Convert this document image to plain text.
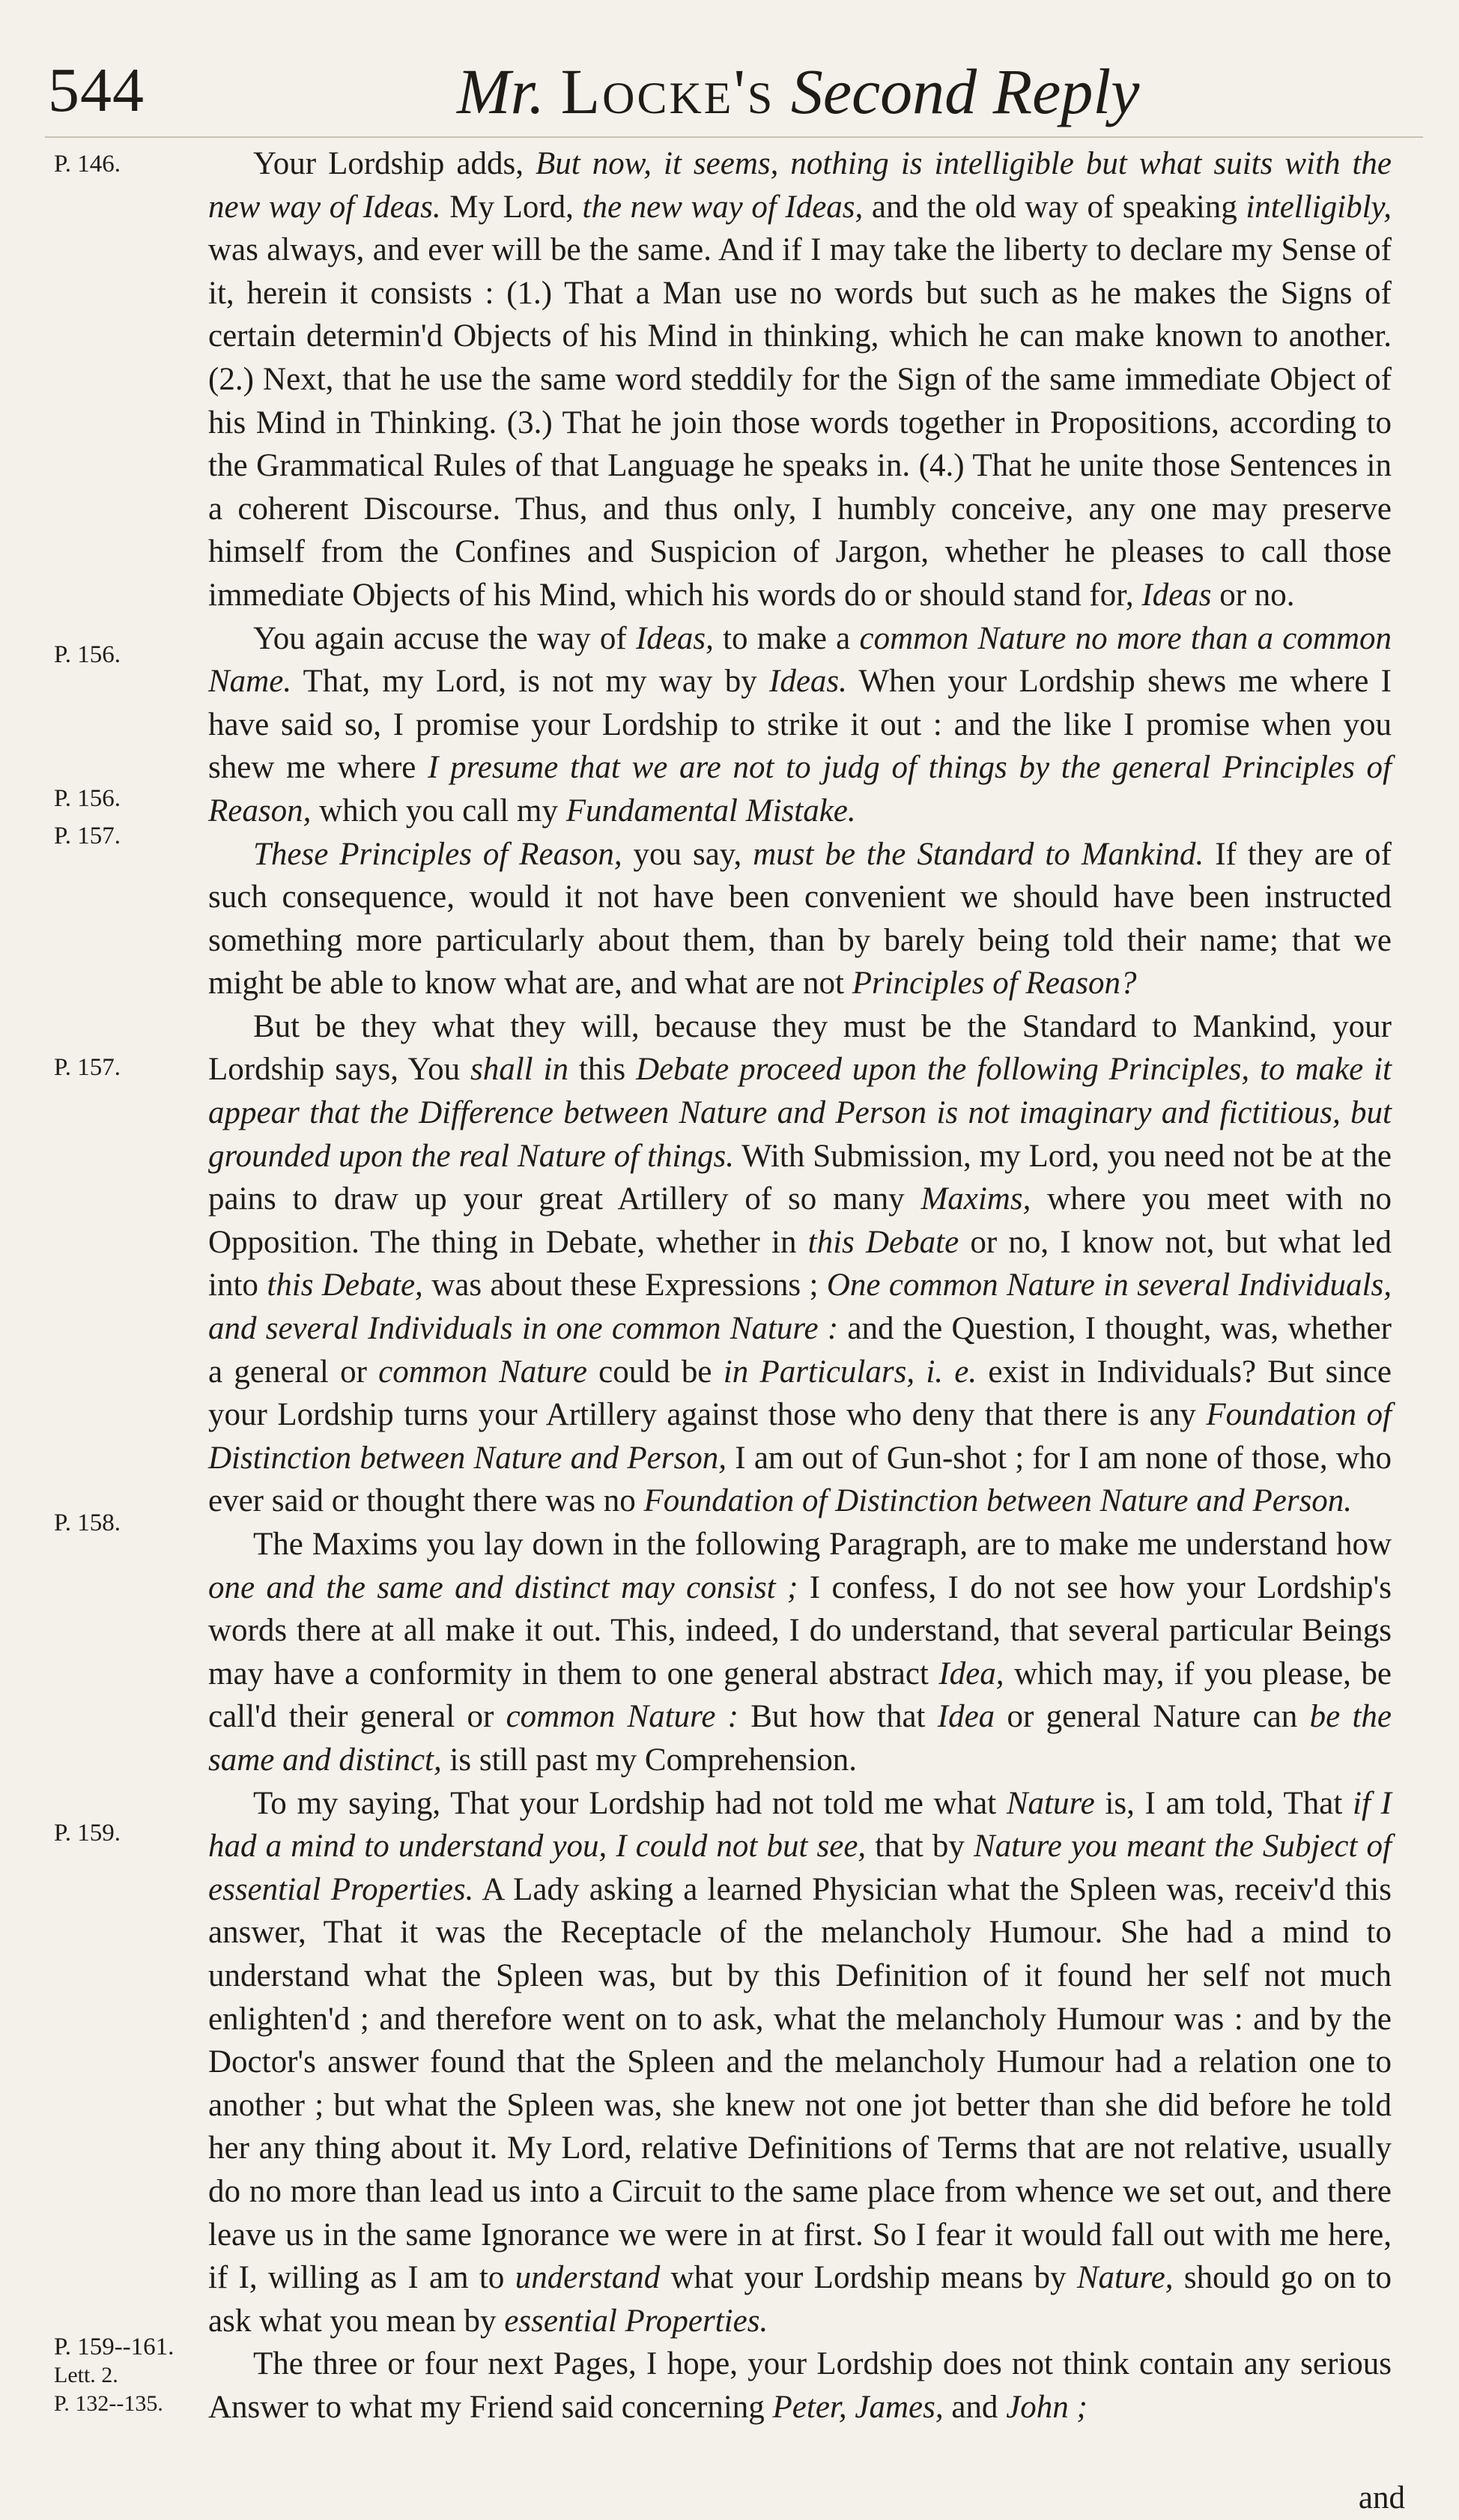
544	Mr. Locke's Second Reply
P. 146.
P. 156.
P. 156.
P. 157.
P. 157.
P. 158.
P. 159.
P. 159--161.
Lett. 2.
P. 132--135.

Your Lordship adds, But now, it seems, nothing is intelligible but what suits with the new way of Ideas. My Lord, the new way of Ideas, and the old way of speaking intelligibly, was always, and ever will be the same. And if I may take the liberty to declare my Sense of it, herein it consists : (1.) That a Man use no words but such as he makes the Signs of certain determin'd Objects of his Mind in thinking, which he can make known to another. (2.) Next, that he use the same word steddily for the Sign of the same immediate Object of his Mind in Thinking. (3.) That he join those words together in Propositions, according to the Grammatical Rules of that Language he speaks in. (4.) That he unite those Sentences in a coherent Discourse. Thus, and thus only, I humbly conceive, any one may preserve himself from the Confines and Suspicion of Jargon, whether he pleases to call those immediate Objects of his Mind, which his words do or should stand for, Ideas or no.

You again accuse the way of Ideas, to make a common Nature no more than a common Name. That, my Lord, is not my way by Ideas. When your Lordship shews me where I have said so, I promise your Lordship to strike it out : and the like I promise when you shew me where I presume that we are not to judg of things by the general Principles of Reason, which you call my Fundamental Mistake.

These Principles of Reason, you say, must be the Standard to Mankind. If they are of such consequence, would it not have been convenient we should have been instructed something more particularly about them, than by barely being told their name; that we might be able to know what are, and what are not Principles of Reason?

But be they what they will, because they must be the Standard to Mankind, your Lordship says, You shall in this Debate proceed upon the following Principles, to make it appear that the Difference between Nature and Person is not imaginary and fictitious, but grounded upon the real Nature of things. With Submission, my Lord, you need not be at the pains to draw up your great Artillery of so many Maxims, where you meet with no Opposition. The thing in Debate, whether in this Debate or no, I know not, but what led into this Debate, was about these Expressions ; One common Nature in several Individuals, and several Individuals in one common Nature : and the Question, I thought, was, whether a general or common Nature could be in Particulars, i. e. exist in Individuals? But since your Lordship turns your Artillery against those who deny that there is any Foundation of Distinction between Nature and Person, I am out of Gun-shot ; for I am none of those, who ever said or thought there was no Foundation of Distinction between Nature and Person.

The Maxims you lay down in the following Paragraph, are to make me understand how one and the same and distinct may consist ; I confess, I do not see how your Lordship's words there at all make it out. This, indeed, I do understand, that several particular Beings may have a conformity in them to one general abstract Idea, which may, if you please, be call'd their general or common Nature : But how that Idea or general Nature can be the same and distinct, is still past my Comprehension.

To my saying, That your Lordship had not told me what Nature is, I am told, That if I had a mind to understand you, I could not but see, that by Nature you meant the Subject of essential Properties. A Lady asking a learned Physician what the Spleen was, receiv'd this answer, That it was the Receptacle of the melancholy Humour. She had a mind to understand what the Spleen was, but by this Definition of it found her self not much enlighten'd ; and therefore went on to ask, what the melancholy Humour was : and by the Doctor's answer found that the Spleen and the melancholy Humour had a relation one to another ; but what the Spleen was, she knew not one jot better than she did before he told her any thing about it. My Lord, relative Definitions of Terms that are not relative, usually do no more than lead us into a Circuit to the same place from whence we set out, and there leave us in the same Ignorance we were in at first. So I fear it would fall out with me here, if I, willing as I am to understand what your Lordship means by Nature, should go on to ask what you mean by essential Properties.

The three or four next Pages, I hope, your Lordship does not think contain any serious Answer to what my Friend said concerning Peter, James, and John ;

and
